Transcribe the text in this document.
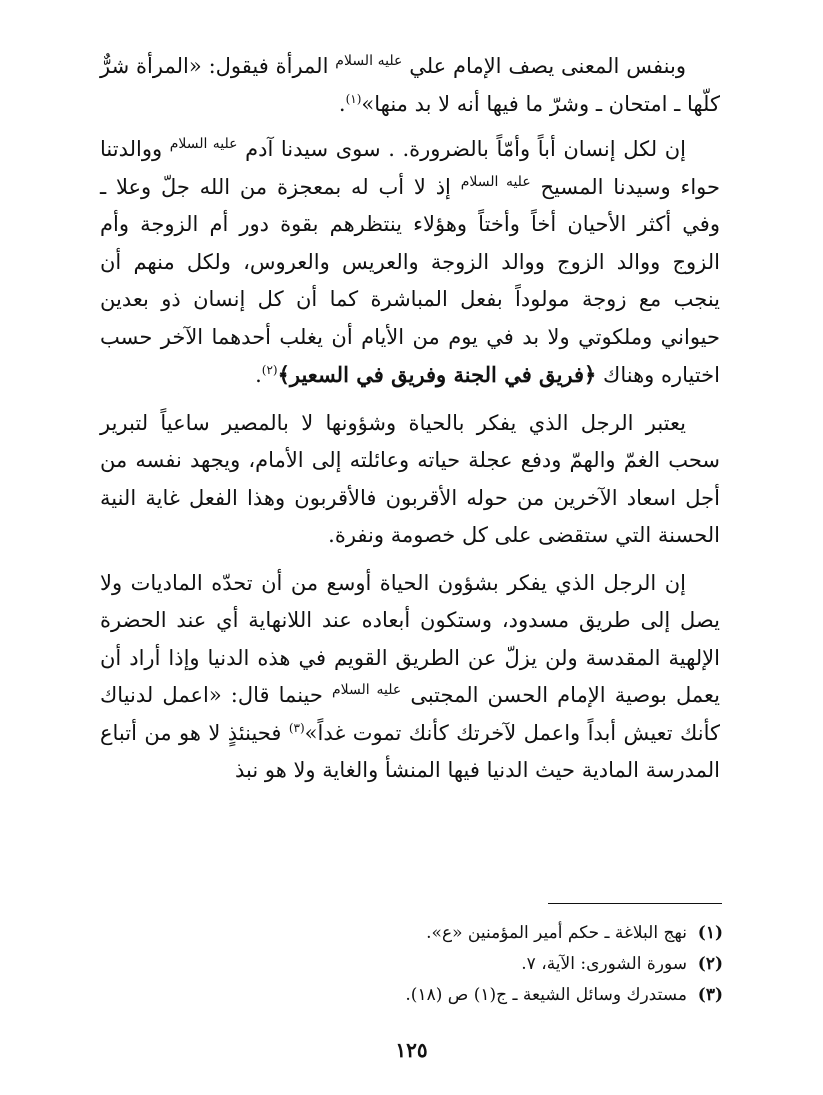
وبنفس المعنى يصف الإمام علي $^{عليه السلام}$ المرأة فيقول: «المرأة شرٌّ كلّها ـ امتحان ـ وشرّ ما فيها أنه لا بد منها»$^{(١)}$.

إن لكل إنسان أباً وأمّاً بالضرورة. . سوى سيدنا آدم $^{عليه السلام}$ ووالدتنا حواء وسيدنا المسيح $^{عليه السلام}$ إذ لا أب له بمعجزة من الله جلّ وعلا ـ وفي أكثر الأحيان أخاً وأختاً وهؤلاء ينتظرهم بقوة دور أم الزوجة وأم الزوج ووالد الزوج ووالد الزوجة والعريس والعروس، ولكل منهم أن ينجب مع زوجة مولوداً بفعل المباشرة كما أن كل إنسان ذو بعدين حيواني وملكوتي ولا بد في يوم من الأيام أن يغلب أحدهما الآخر حسب اختياره وهناك ﴿فريق في الجنة وفريق في السعير﴾$^{(٢)}$.

يعتبر الرجل الذي يفكر بالحياة وشؤونها لا بالمصير ساعياً لتبرير سحب الغمّ والهمّ ودفع عجلة حياته وعائلته إلى الأمام، ويجهد نفسه من أجل اسعاد الآخرين من حوله الأقربون فالأقربون وهذا الفعل غاية النية الحسنة التي ستقضى على كل خصومة ونفرة.

إن الرجل الذي يفكر بشؤون الحياة أوسع من أن تحدّه الماديات ولا يصل إلى طريق مسدود، وستكون أبعاده عند اللانهاية أي عند الحضرة الإلهية المقدسة ولن يزلّ عن الطريق القويم في هذه الدنيا وإذا أراد أن يعمل بوصية الإمام الحسن المجتبى $^{عليه السلام}$ حينما قال: «اعمل لدنياك كأنك تعيش أبداً واعمل لآخرتك كأنك تموت غداً»$^{(٣)}$ فحينئذٍ لا هو من أتباع المدرسة المادية حيث الدنيا فيها المنشأ والغاية ولا هو نبذ

(١)نهج البلاغة ـ حكم أمير المؤمنين «ع».
(٢)سورة الشورى: الآية، ٧.
(٣)مستدرك وسائل الشيعة ـ ج(١) ص (١٨).
١٢٥
